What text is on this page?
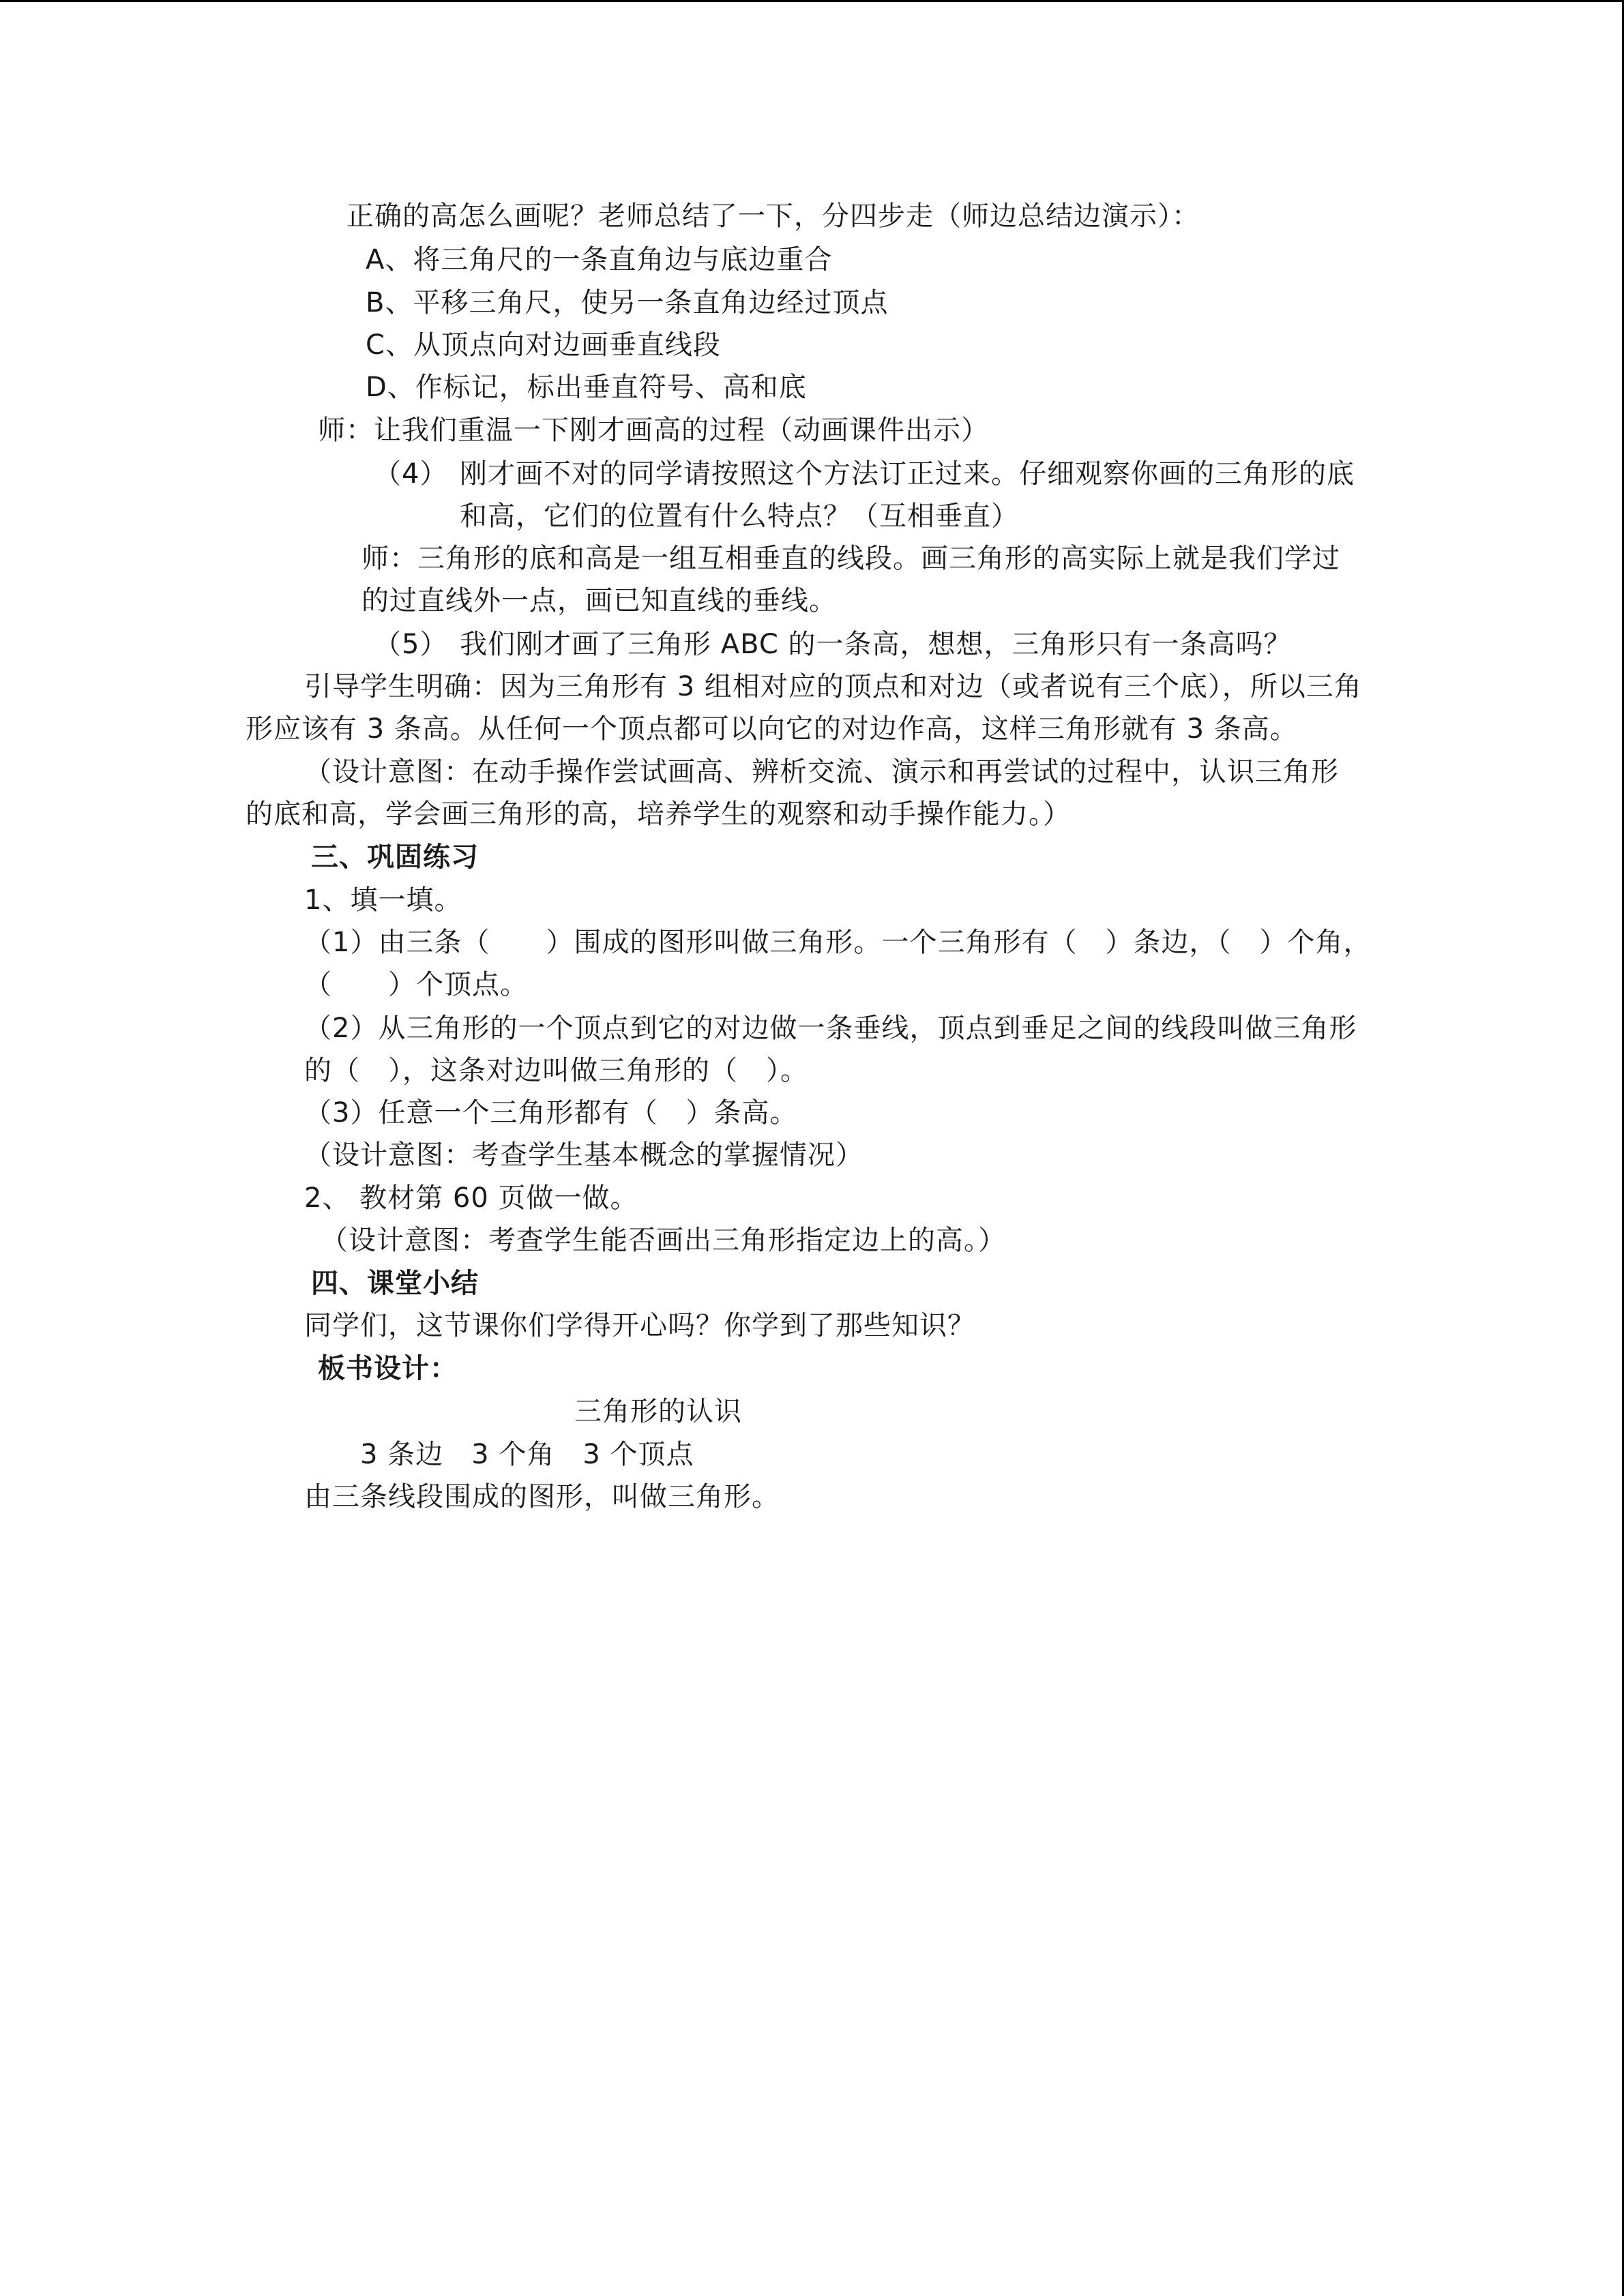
正确的高怎么画呢？老师总结了一下，分四步走（师边总结边演示）：
A、将三角尺的一条直角边与底边重合
B、平移三角尺，使另一条直角边经过顶点
C、从顶点向对边画垂直线段
D、作标记，标出垂直符号、高和底
师：让我们重温一下刚才画高的过程（动画课件出示）
（4） 刚才画不对的同学请按照这个方法订正过来。仔细观察你画的三角形的底
和高，它们的位置有什么特点？（互相垂直）
师：三角形的底和高是一组互相垂直的线段。画三角形的高实际上就是我们学过
的过直线外一点，画已知直线的垂线。
（5） 我们刚才画了三角形 ABC 的一条高，想想，三角形只有一条高吗？
引导学生明确：因为三角形有 3 组相对应的顶点和对边（或者说有三个底），所以三角
形应该有 3 条高。从任何一个顶点都可以向它的对边作高，这样三角形就有 3 条高。
（设计意图：在动手操作尝试画高、辨析交流、演示和再尝试的过程中，认识三角形
的底和高，学会画三角形的高，培养学生的观察和动手操作能力。）
三、巩固练习
1、填一填。
（1）由三条（　　）围成的图形叫做三角形。一个三角形有（　）条边，（　）个角，
（　　）个顶点。
（2）从三角形的一个顶点到它的对边做一条垂线，顶点到垂足之间的线段叫做三角形
的（　），这条对边叫做三角形的（　）。
（3）任意一个三角形都有（　）条高。
（设计意图：考查学生基本概念的掌握情况）
2、 教材第 60 页做一做。
（设计意图：考查学生能否画出三角形指定边上的高。）
四、课堂小结
同学们，这节课你们学得开心吗？你学到了那些知识？
板书设计：
三角形的认识
3 条边　3 个角　3 个顶点
由三条线段围成的图形，叫做三角形。
